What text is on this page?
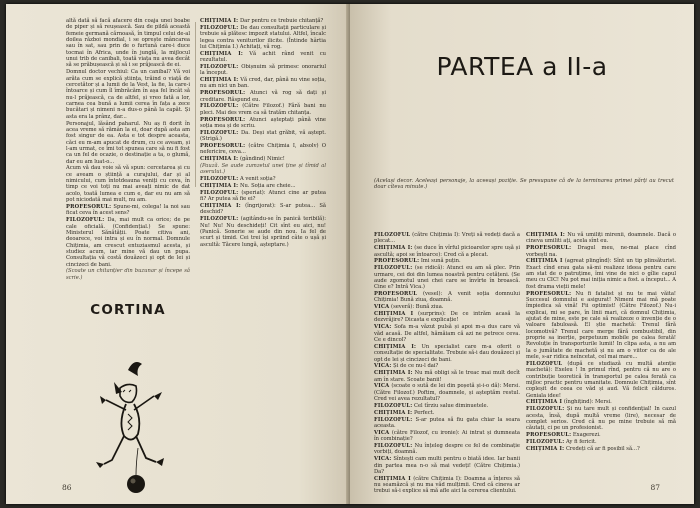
altă dată să facă afacere din coaja unei boabe de piper și să reușească. Sau de pildă această femeie germană cărnoasă, în timpul celui de-al doilea război mondial, i se oprește mâncarea sau în sat, sau prin de o furtună care-i duce tocmai în Africa, unde în junglă, la mijlocul unui trib de canibali, toată viața nu avea decât să se prăbușească și să i se prăjească de ei.

Domnul doctor vechiul: Ca un canibal? Vă voi arăta cum se explică știința, trăind o viață de cercetător și a lumii de la Vest, la fie, la care-i întoarce și cum îl îmbrăcăm în așa fel încât să nu-l prăjească, ca de altfel, și vreo fată a lor, carnea cea bună a lumii cerea în fața a zece bucătari și nimeni n-a dus-o până la capăt. Și asta era la prânz, dar...

Personajul, lăsând paharul. Nu aș fi dorit în acea vreme să rămân la ei, doar după asta am fost singur de ea. Asta e tot despre aceasta, căci eu m-am apucat de drum, cu ce aveam, și l-am urmat, ce îmi tot spunea care să nu fi fost ca un fel de ocazie, o destinație a ta, o glumă, dar eu am luat-o...

Acum vă dau voie să vă spun: cercetarea și cu ce aveam o știință a curajului, dar și al nimicului, cum întotdeauna veniți cu ceva, în timp ce voi toți nu mai aveați nimic de dat acolo, toată lumea e cum e, dar eu nu am să pot niciodată mai mult, nu am.

PROFESORUL: Spune-mi, colega! la noi sau ficat ceva în acest sens?

FILOZOFUL: Da, mai mult ca orice; de pe cale oficială. (Confidențial.) Se spune: Ministerul Sănătății. Poate citiva ani, deoarece, voi intra și eu în normal. Domnule Chițimia, am crescut entuziasmul acesta, și studiez acum, iar mine vă dau un pupa. Consultația vă costă douăzeci și opt de lei și cincizeci de bani.

(Scoate un chitanțier din buzunar și începe să scrie.)

CHIȚIMIA I: Dar pentru ce trebuie chitanță?

FILOZOFUL: De dau consultații particulare și trebuie să plătesc impozit statului. Altfel, încalc legea contra veniturilor ilicite. (Întinde hârtia lui Chițimia I.) Achitați, vă rog.

CHIȚIMIA I: Vă achit rând venit cu rezultatul.

FILOZOFUL: Obișnuim să primesc onorariul la început.

CHIȚIMIA I: Vă cred, dar, până nu vine soția, nu am nici un ban.

PROFESORUL: Atunci vă rog să dați și creditare. Răspund eu.

FILOZOFUL: (Către Filozof.) Fără bani nu pleci. Mai des vrem ca să tratăm chitanța.

PROFESORUL: Atunci așteptați până vine soția mea și de scriu.

FILOZOFUL: Da. Deși stat grăbit, vă aștept. (Strigă.)

PROFESORUL: (către Chițimia I, absolv) O nefericire, ceva...

CHIȚIMIA I: (gândind) Nimic!

(Pauză. Se aude zumzetul unei ține și tîmid al aserului.)

FILOZOFUL: A venit soția?

CHIȚIMIA I: Nu. Soția are cheie...

FILOZOFUL: (speriat): Atunci cine ar putea fi? Ar putea să fie ei?

CHIȚIMIA I: (îngrijorat): S-ar putea... Să deschid?

FILOZOFUL: (agitându-se în panică teribilă): Nu! Nu! Nu deschideți! Cit sînt eu aici, nu! (Panică. Sonerie se aude din nou. Ia fel de scurt și timid. Cei trei își spriind câte o ușă și ascultă: Tăcere lungă, așteptare.)

CORTINA
86
PARTEA a II-a
(Același decor. Aceleași personaje, la aceeași poziție. Se presupune că de la terminarea primei părți au trecut doar cîteva minute.)

FILOZOFUL (către Chițimia I): Vreți să vedeți dacă a plecat...

CHIȚIMIA I: (se duce în vîrful picioarelor spre ușă și ascultă; apoi se întoarce): Cred că a plecat.

PROFESORUL: Imi sună puțin.

FILOZOFUL: (se ridică): Atunci eu am să plec. Prin urmare, cei doi din lumea noastră pentru cetățeni. (Se aude zgomotul unei chei care se învîrte în broască. Cine e? Intră Vica.)

PROFESORUL (vesel): A venit soția domnului Chițimia! Bună ziua, doamnă.

VICA (severă): Bună ziua.

CHIȚIMIA I (surprins): De ce intrăm acasă la dezvrăjire? Dicasta e explicație!

VICA: Sofa m-a văzut pulsă și apoi m-a dus care vă văd acasă. De altfel, hămăiam că azi ne petrece ceva. Ce e dincol?

CHIȚIMIA I: Un specialist care m-a oferit o consultație de specialitate. Trebuie să-i dau douăzeci și opt de lei și cincizeci de bani.

VICA: Și de ce nu-l dai?

CHIȚIMIA I: Nu mă obligi să le treac mai mult decît am în stare. Scoate banii!

VICA (scoate o sută de lei din poșetă și-i-o dă): Mersi. (Către Filozof.) Poftim, doamnele, și așteptăm restul. Cred vei avea rezultatul?

FILOZOFUL: Cel tîrziu salue diminuetele.

CHIȚIMIA I: Perfect.

FILOZOFUL: S-ar putea să fiu gata chiar la seara aceasta.

VICA (către Filozof, cu ironie): Ai intrat și dumneata în combinație?

FILOZOFUL: Nu înțeleg despre ce fel de combinație vorbiți, doamnă.

VICA: Sîntești cam multi pentru o biată idee. Iar banii din partea mea n-o să mai vedeți! (Către Chițimia.) Da?

CHIȚIMIA I (către Chițimia I): Doamna a înțeres să nu seamăzcă și nu ma văd mulțimii. Cred că cineva ar trebui să-i explice să mă afle aici la cererea clientului.

CHIȚIMIA I: Nu vă umiliți mirenii, doamnele. Dacă o cineva umiliti ați, acela sînt eu.

PROFESORUL: Dragul meu, ne-mai place cînd vorbești na.

CHIȚIMIA I (agreat plingînd): Sînt un tip plinsăturist. Exact cînd erau gata să-mi realizez ideea pentru care am stat de o patruțime, îmi vine de nici o gîlie capul meu cu CIC! Nu pot mai iniția nimic a fost. a început... A fost drama vieții mele!

PROFESORUL: Nu fi fatalist și nu te mai văita! Succesul domnului e asigurat! Nimeni mai mă poate împiedica să vină! Fii optimist! (Către Filozof.) Nu-i explicai, mi se pare, în linii mari, că domnul Chițimia, ajutat de mine, este pe cale să realizeze o invenție de o valoare fabuloasă. El știe machetă: Trenul fără locomotivă? Trenul care merge fără combustibil, din proprie sa inerție, perpetuum mobile pe calea ferată! Revoluție în transporturile lumii! In clipa asta, a nu am la o jumătate de machetă și nu am o viitor ca de ale mele, s-ar ridica neîncetat, cel mai mare...

FILOZOFUL (după ce studiază cu multă atenție machetă): Exeleu ! In primul rînd, pentru că nu are o contribuție teoretică în transportul pe calea ferată ca mijloc practic pentru umanitate. Domnule Chițimia, sînt copleșit de ceea ce văd și aud. Vă felicit călduros. Geniala idee!

CHIȚIMIA I (înghițind): Mersi.

FILOZOFUL: Și nu tare mult și confidențial! In cazul acesta, însă, după multă vreme (lire), necesar de complet serios. Cred că nu pe mine trebuie să mă căutați, ci pe un profesionist.

PROFESORUL: Exagerezi.

FILOZOFUL: Ay fi fericit.

CHIȚIMIA I: Credeți că ar fi posibil să...?

87
